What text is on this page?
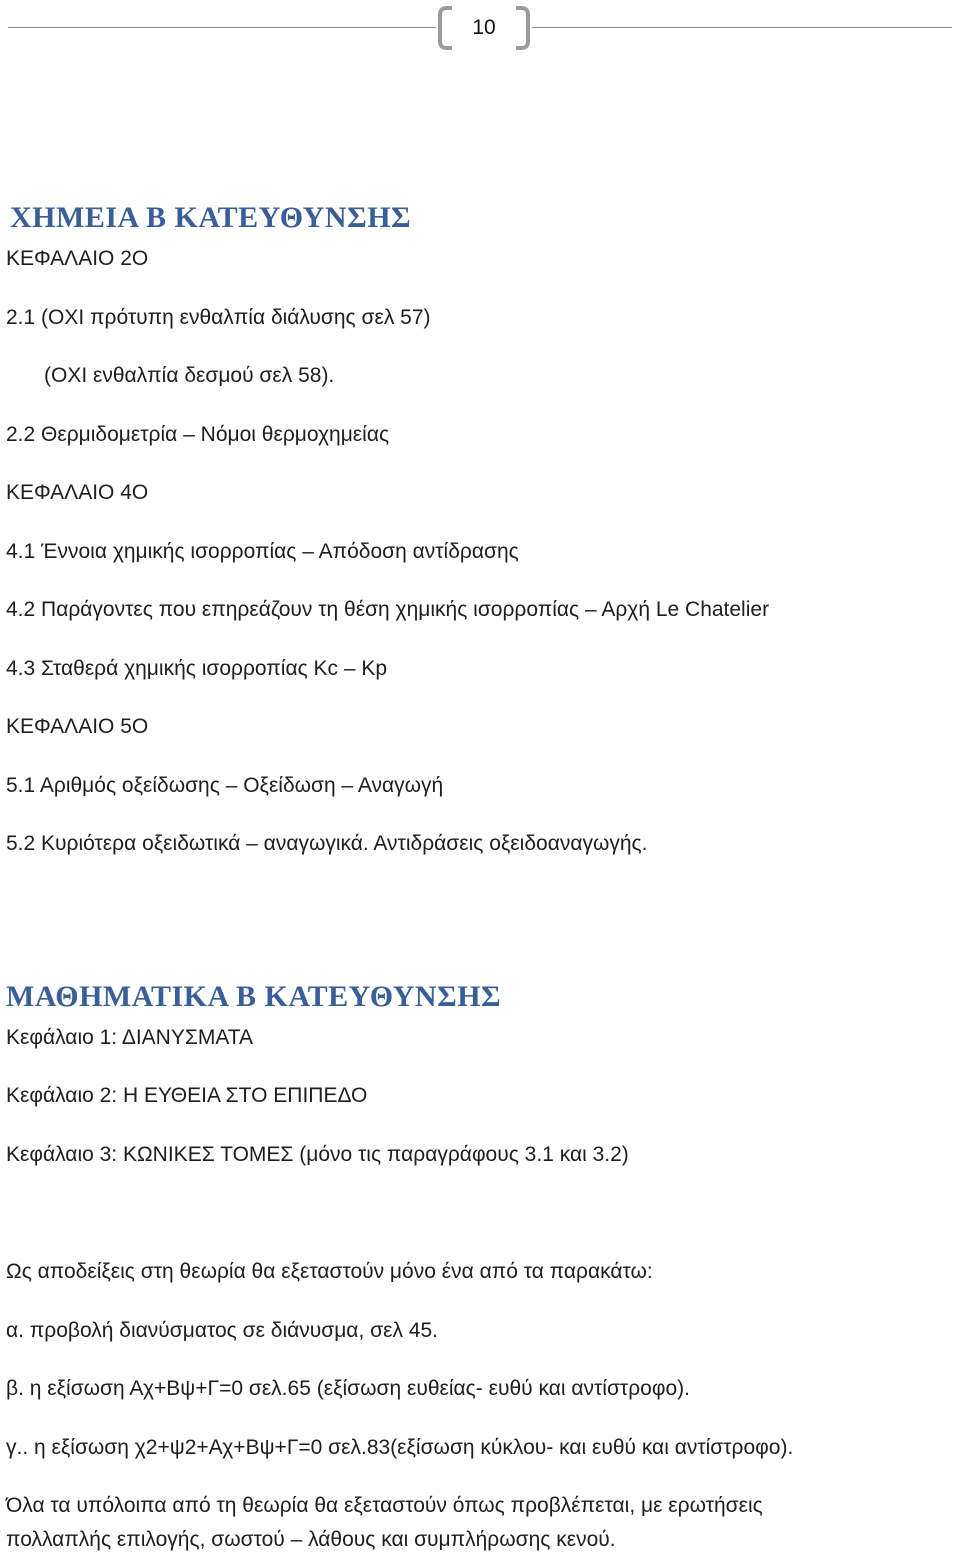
10
ΧΗΜΕΙΑ Β ΚΑΤΕΥΘΥΝΣΗΣ
ΚΕΦΑΛΑΙΟ 2Ο
2.1 (ΟΧΙ πρότυπη ενθαλπία διάλυσης σελ 57)
(ΟΧΙ ενθαλπία δεσμού σελ 58).
2.2 Θερμιδομετρία – Νόμοι θερμοχημείας
ΚΕΦΑΛΑΙΟ 4Ο
4.1 Έννοια χημικής ισορροπίας – Απόδοση αντίδρασης
4.2 Παράγοντες που επηρεάζουν τη θέση χημικής ισορροπίας – Αρχή Le Chatelier
4.3 Σταθερά χημικής ισορροπίας Kc – Kp
ΚΕΦΑΛΑΙΟ 5Ο
5.1 Αριθμός οξείδωσης – Οξείδωση – Αναγωγή
5.2 Κυριότερα οξειδωτικά – αναγωγικά. Αντιδράσεις οξειδοαναγωγής.
ΜΑΘΗΜΑΤΙΚΑ Β ΚΑΤΕΥΘΥΝΣΗΣ
Κεφάλαιο 1: ΔΙΑΝΥΣΜΑΤΑ
Κεφάλαιο 2: Η ΕΥΘΕΙΑ ΣΤΟ ΕΠΙΠΕΔΟ
Κεφάλαιο 3: ΚΩΝΙΚΕΣ ΤΟΜΕΣ (μόνο τις παραγράφους 3.1 και 3.2)
Ως αποδείξεις στη θεωρία θα εξεταστούν μόνο ένα από τα παρακάτω:
α. προβολή διανύσματος σε διάνυσμα, σελ 45.
β. η εξίσωση Αχ+Βψ+Γ=0 σελ.65 (εξίσωση ευθείας- ευθύ και αντίστροφο).
γ.. η εξίσωση χ2+ψ2+Αχ+Βψ+Γ=0 σελ.83(εξίσωση κύκλου- και ευθύ και αντίστροφο).
Όλα τα υπόλοιπα από τη θεωρία θα εξεταστούν όπως προβλέπεται, με ερωτήσεις
πολλαπλής επιλογής, σωστού – λάθους και συμπλήρωσης κενού.
